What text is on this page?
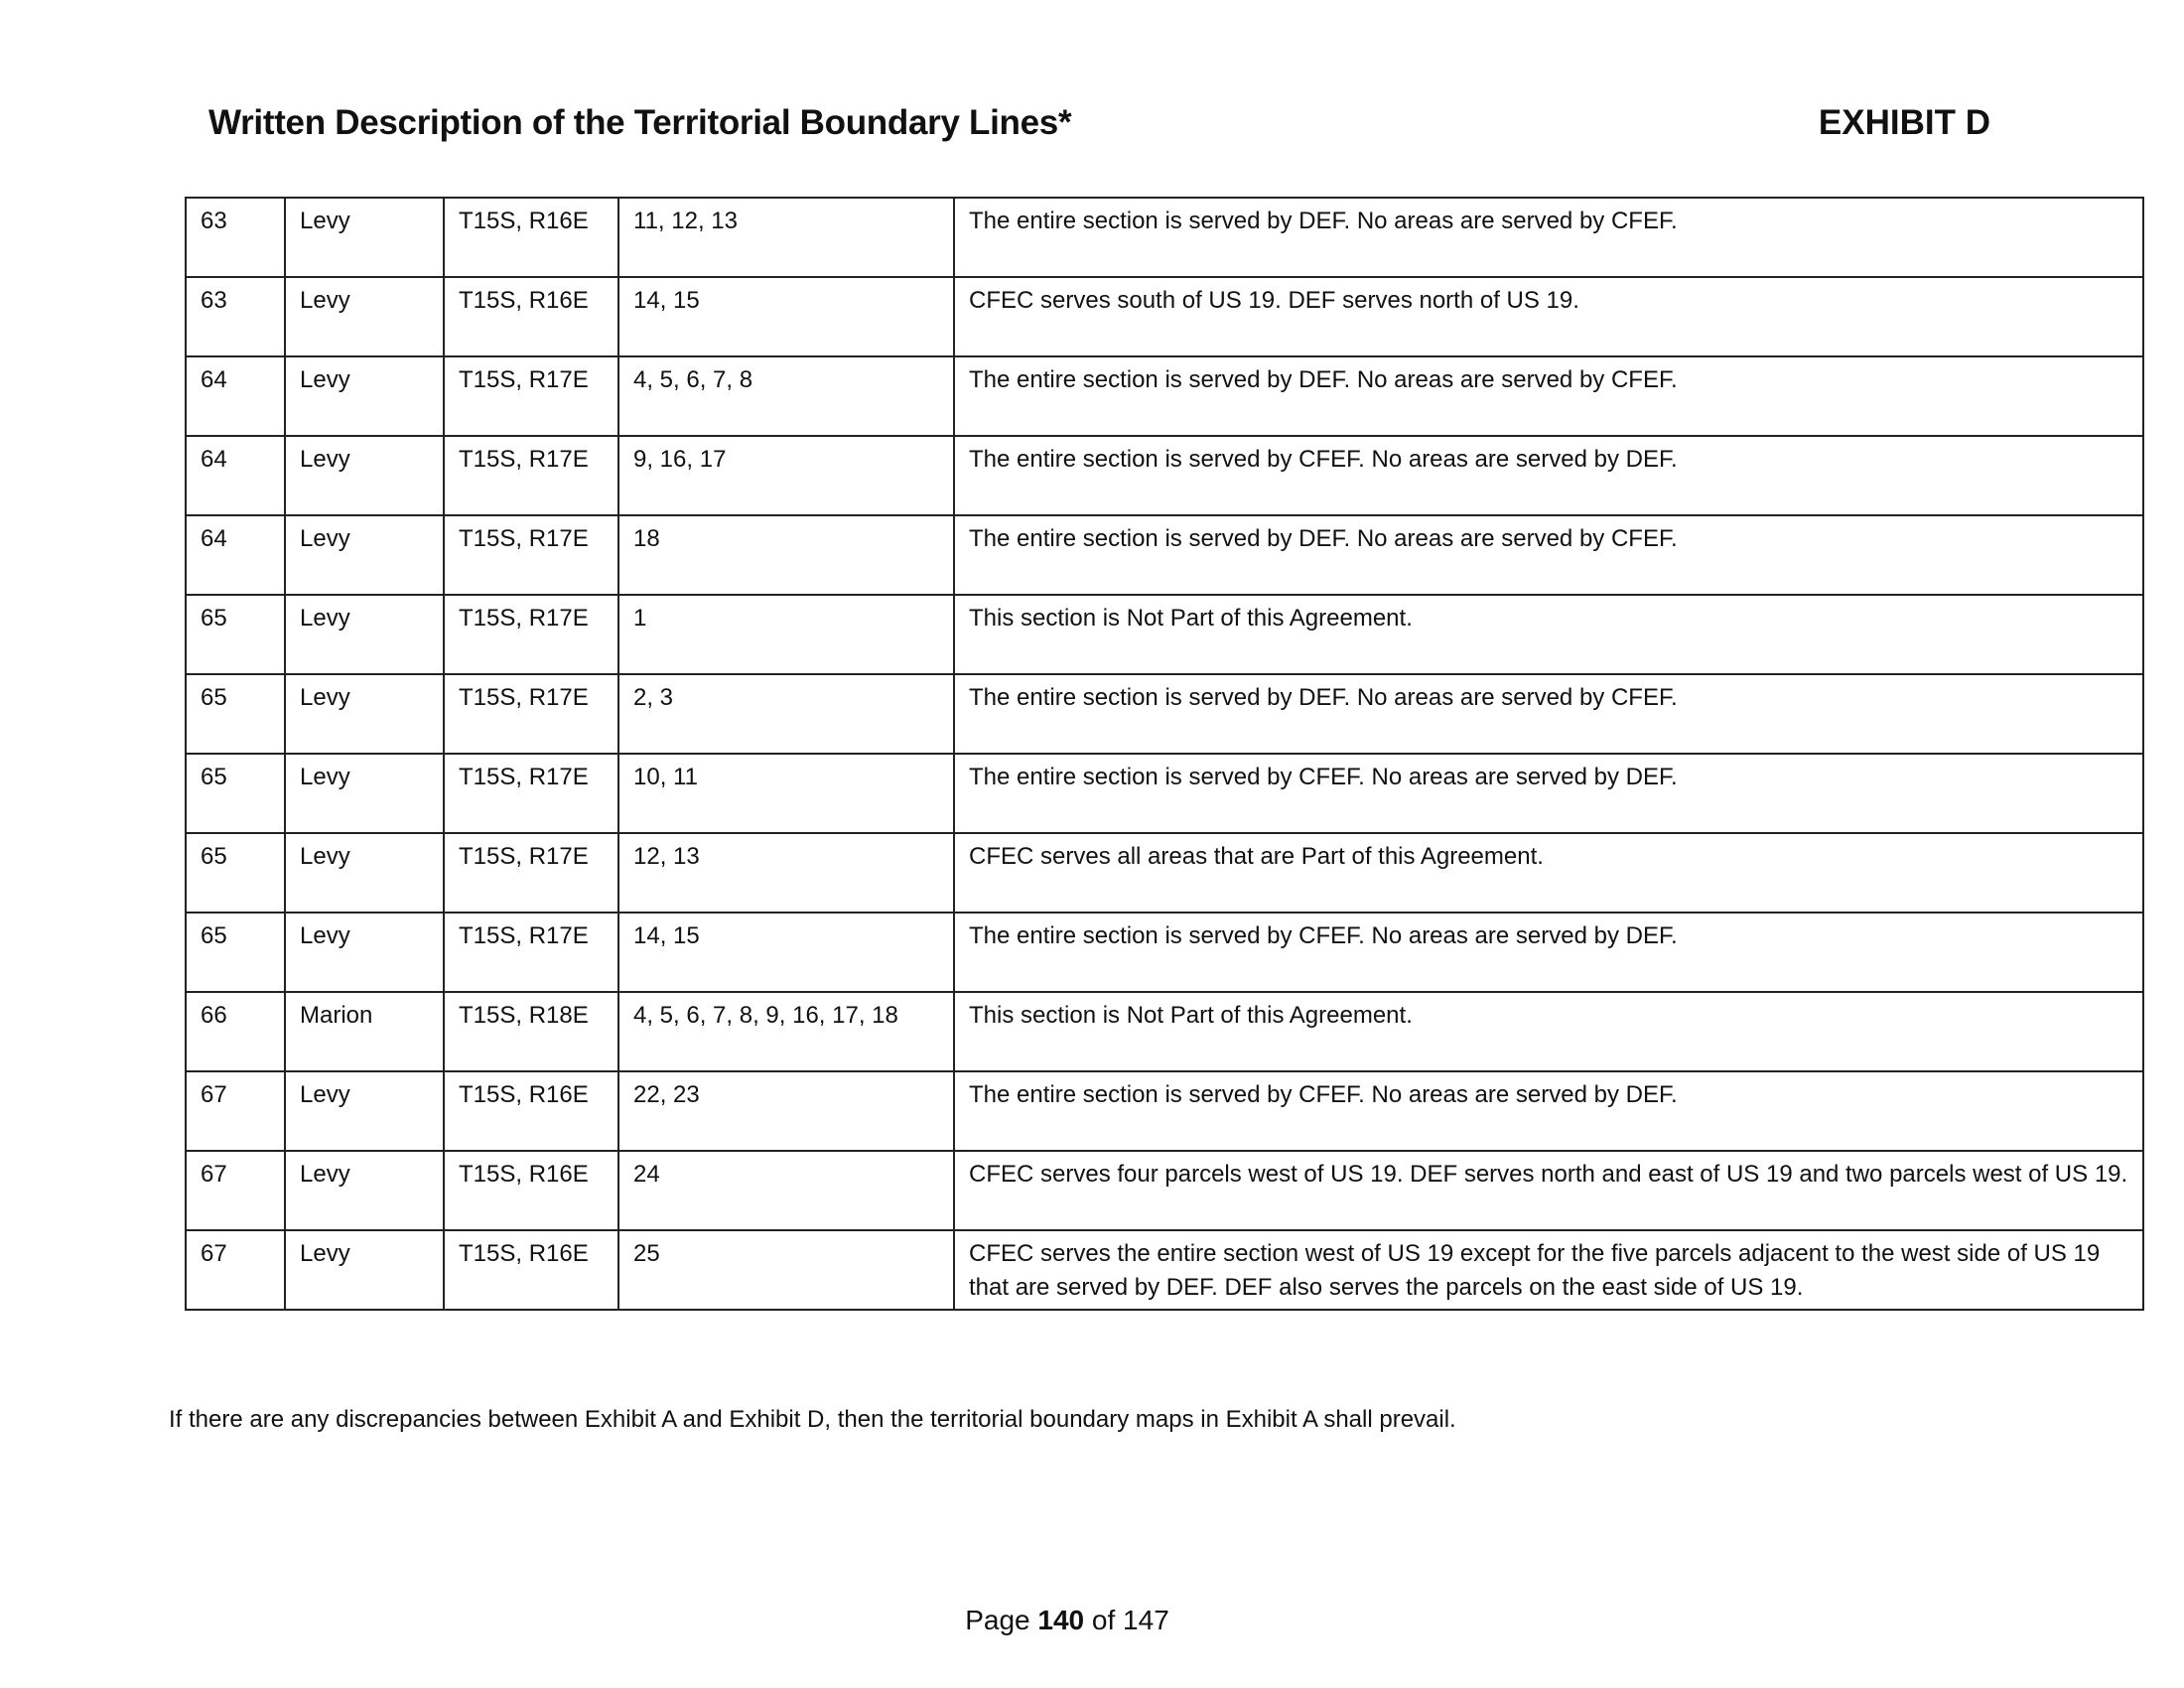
Written Description of the Territorial Boundary Lines*	EXHIBIT D
63	Levy	T15S, R16E	11, 12, 13	The entire section is served by DEF. No areas are served by CFEF.
63	Levy	T15S, R16E	14, 15	CFEC serves south of US 19. DEF serves north of US 19.
64	Levy	T15S, R17E	4, 5, 6, 7, 8	The entire section is served by DEF. No areas are served by CFEF.
64	Levy	T15S, R17E	9, 16, 17	The entire section is served by CFEF. No areas are served by DEF.
64	Levy	T15S, R17E	18	The entire section is served by DEF. No areas are served by CFEF.
65	Levy	T15S, R17E	1	This section is Not Part of this Agreement.
65	Levy	T15S, R17E	2, 3	The entire section is served by DEF. No areas are served by CFEF.
65	Levy	T15S, R17E	10, 11	The entire section is served by CFEF. No areas are served by DEF.
65	Levy	T15S, R17E	12, 13	CFEC serves all areas that are Part of this Agreement.
65	Levy	T15S, R17E	14, 15	The entire section is served by CFEF. No areas are served by DEF.
66	Marion	T15S, R18E	4, 5, 6, 7, 8, 9, 16, 17, 18	This section is Not Part of this Agreement.
67	Levy	T15S, R16E	22, 23	The entire section is served by CFEF. No areas are served by DEF.
67	Levy	T15S, R16E	24	CFEC serves four parcels west of US 19. DEF serves north and east of US 19 and two parcels west of US 19.
67	Levy	T15S, R16E	25	CFEC serves the entire section west of US 19 except for the five parcels adjacent to the west side of US 19 that are served by DEF. DEF also serves the parcels on the east side of US 19.
If there are any discrepancies between Exhibit A and Exhibit D, then the territorial boundary maps in Exhibit A shall prevail.
Page 140 of 147
